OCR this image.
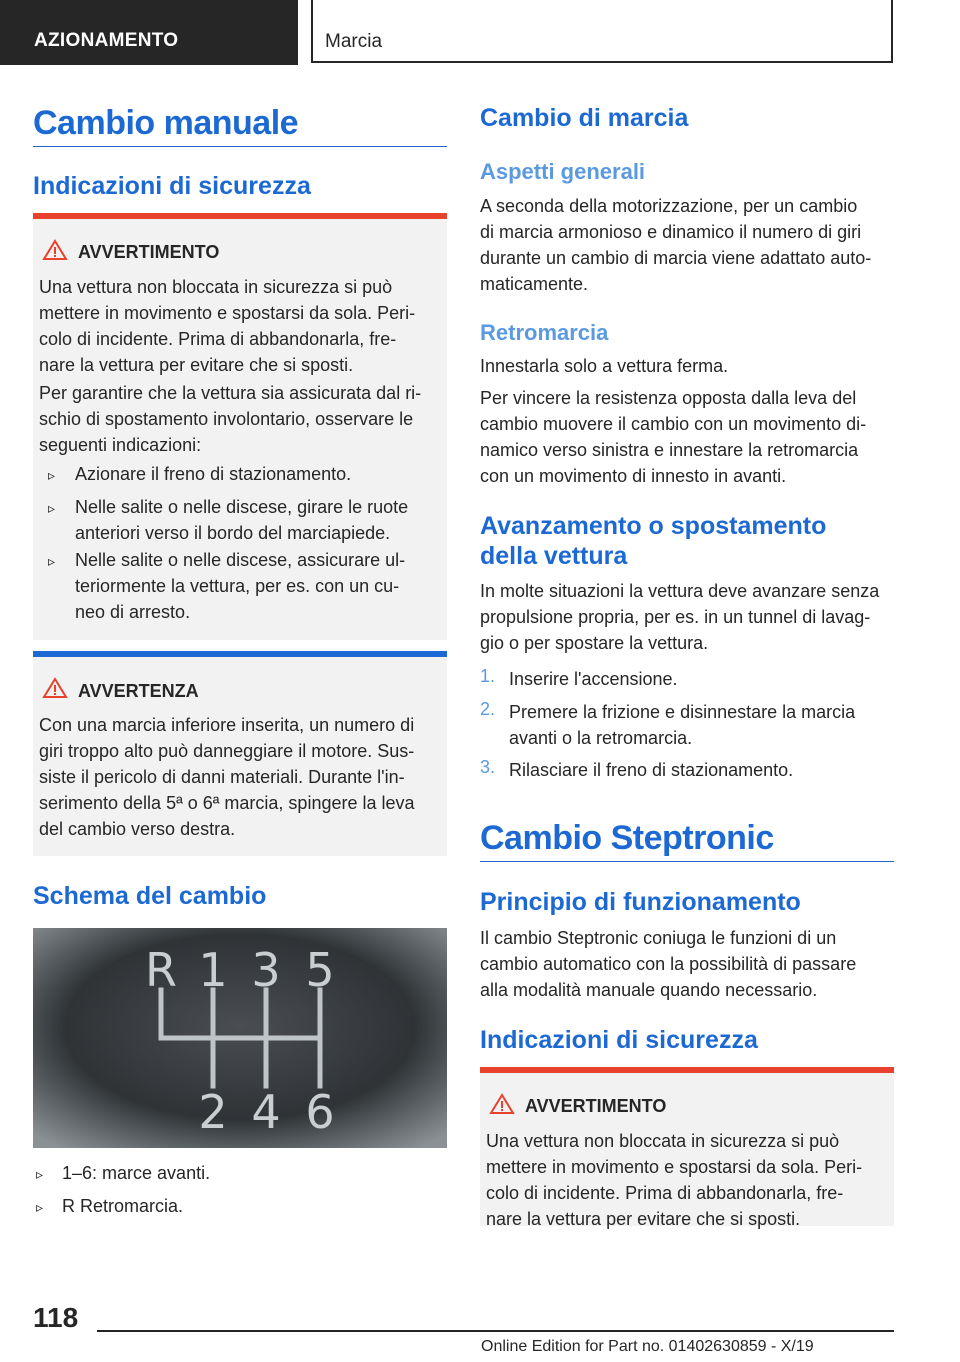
AZIONAMENTO	Marcia
Cambio manuale
Indicazioni di sicurezza
AVVERTIMENTO
Una vettura non bloccata in sicurezza si può
mettere in movimento e spostarsi da sola. Peri-
colo di incidente. Prima di abbandonarla, fre-
nare la vettura per evitare che si sposti.
Per garantire che la vettura sia assicurata dal ri-
schio di spostamento involontario, osservare le
seguenti indicazioni:
▹ Azionare il freno di stazionamento.
▹ Nelle salite o nelle discese, girare le ruote
anteriori verso il bordo del marciapiede.
▹ Nelle salite o nelle discese, assicurare ul-
teriormente la vettura, per es. con un cu-
neo di arresto.
AVVERTENZA
Con una marcia inferiore inserita, un numero di
giri troppo alto può danneggiare il motore. Sus-
siste il pericolo di danni materiali. Durante l'in-
serimento della 5ª o 6ª marcia, spingere la leva
del cambio verso destra.
Schema del cambio
R 1 3 5
2 4 6
▹ 1–6: marce avanti.
▹ R Retromarcia.
Cambio di marcia
Aspetti generali
A seconda della motorizzazione, per un cambio
di marcia armonioso e dinamico il numero di giri
durante un cambio di marcia viene adattato auto-
maticamente.
Retromarcia
Innestarla solo a vettura ferma.
Per vincere la resistenza opposta dalla leva del
cambio muovere il cambio con un movimento di-
namico verso sinistra e innestare la retromarcia
con un movimento di innesto in avanti.
Avanzamento o spostamento
della vettura
In molte situazioni la vettura deve avanzare senza
propulsione propria, per es. in un tunnel di lavag-
gio o per spostare la vettura.
1. Inserire l'accensione.
2. Premere la frizione e disinnestare la marcia
avanti o la retromarcia.
3. Rilasciare il freno di stazionamento.
Cambio Steptronic
Principio di funzionamento
Il cambio Steptronic coniuga le funzioni di un
cambio automatico con la possibilità di passare
alla modalità manuale quando necessario.
Indicazioni di sicurezza
AVVERTIMENTO
Una vettura non bloccata in sicurezza si può
mettere in movimento e spostarsi da sola. Peri-
colo di incidente. Prima di abbandonarla, fre-
nare la vettura per evitare che si sposti.
118
Online Edition for Part no. 01402630859 - X/19
